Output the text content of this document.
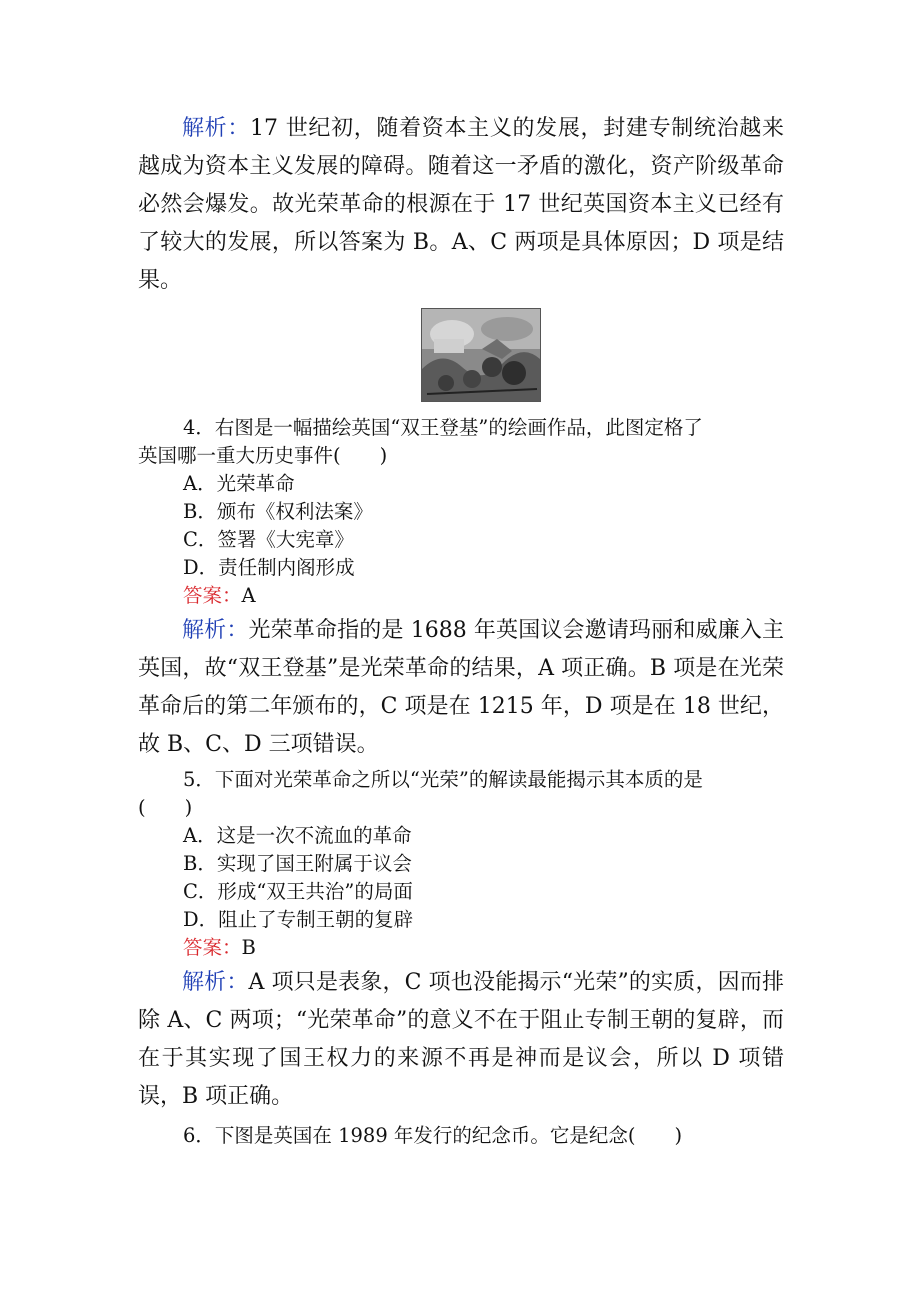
解析：17 世纪初，随着资本主义的发展，封建专制统治越来越成为资本主义发展的障碍。随着这一矛盾的激化，资产阶级革命必然会爆发。故光荣革命的根源在于 17 世纪英国资本主义已经有了较大的发展，所以答案为 B。A、C 两项是具体原因；D 项是结果。

4．右图是一幅描绘英国“双王登基”的绘画作品，此图定格了

英国哪一重大历史事件(　　)

A．光荣革命

B．颁布《权利法案》

C．签署《大宪章》

D．责任制内阁形成

答案：A

解析：光荣革命指的是 1688 年英国议会邀请玛丽和威廉入主英国，故“双王登基”是光荣革命的结果，A 项正确。B 项是在光荣革命后的第二年颁布的，C 项是在 1215 年，D 项是在 18 世纪，故 B、C、D 三项错误。

5．下面对光荣革命之所以“光荣”的解读最能揭示其本质的是

(　　)

A．这是一次不流血的革命

B．实现了国王附属于议会

C．形成“双王共治”的局面

D．阻止了专制王朝的复辟

答案：B

解析：A 项只是表象，C 项也没能揭示“光荣”的实质，因而排除 A、C 两项；“光荣革命”的意义不在于阻止专制王朝的复辟，而在于其实现了国王权力的来源不再是神而是议会，所以 D 项错误，B 项正确。

6．下图是英国在 1989 年发行的纪念币。它是纪念(　　)
